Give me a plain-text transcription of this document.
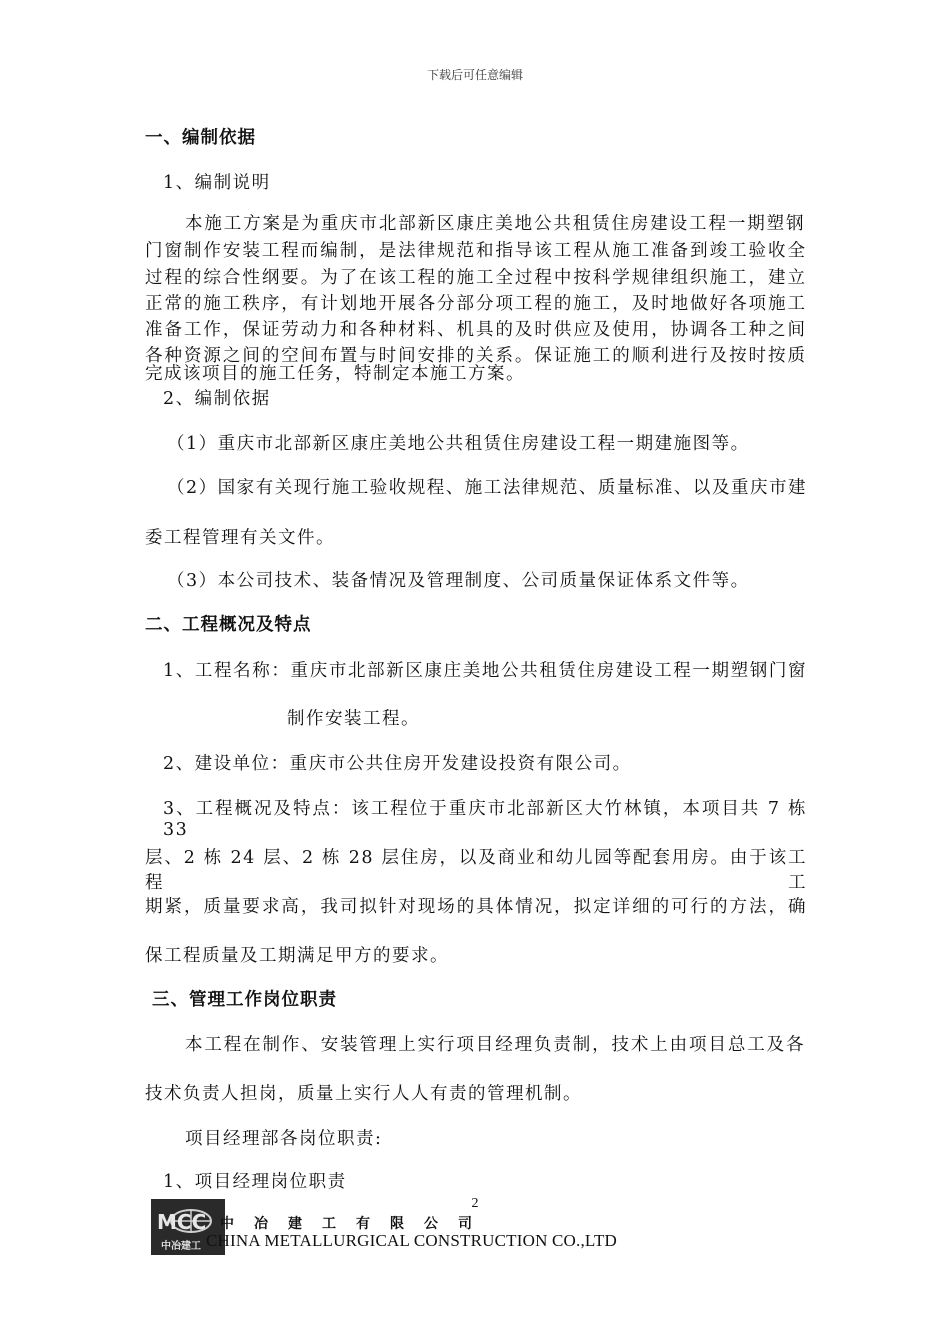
下载后可任意编辑
一、编制依据
1、编制说明
本施工方案是为重庆市北部新区康庄美地公共租赁住房建设工程一期塑钢
门窗制作安装工程而编制，是法律规范和指导该工程从施工准备到竣工验收全
过程的综合性纲要。为了在该工程的施工全过程中按科学规律组织施工，建立
正常的施工秩序，有计划地开展各分部分项工程的施工，及时地做好各项施工
准备工作，保证劳动力和各种材料、机具的及时供应及使用，协调各工种之间
各种资源之间的空间布置与时间安排的关系。保证施工的顺利进行及按时按质
完成该项目的施工任务，特制定本施工方案。
2、编制依据
（1）重庆市北部新区康庄美地公共租赁住房建设工程一期建施图等。
（2）国家有关现行施工验收规程、施工法律规范、质量标准、以及重庆市建
委工程管理有关文件。
（3）本公司技术、装备情况及管理制度、公司质量保证体系文件等。
二、工程概况及特点
1、工程名称：重庆市北部新区康庄美地公共租赁住房建设工程一期塑钢门窗
制作安装工程。
2、建设单位：重庆市公共住房开发建设投资有限公司。
3、工程概况及特点：该工程位于重庆市北部新区大竹林镇，本项目共 7 栋 33
层、2 栋 24 层、2 栋 28 层住房，以及商业和幼儿园等配套用房。由于该工程工
期紧，质量要求高，我司拟针对现场的具体情况，拟定详细的可行的方法，确
保工程质量及工期满足甲方的要求。
三、管理工作岗位职责
本工程在制作、安装管理上实行项目经理负责制，技术上由项目总工及各
技术负责人担岗，质量上实行人人有责的管理机制。
项目经理部各岗位职责:
1、项目经理岗位职责
2
MCC
中冶建工
中冶建工有限公司
CHINA METALLURGICAL CONSTRUCTION CO.,LTD
